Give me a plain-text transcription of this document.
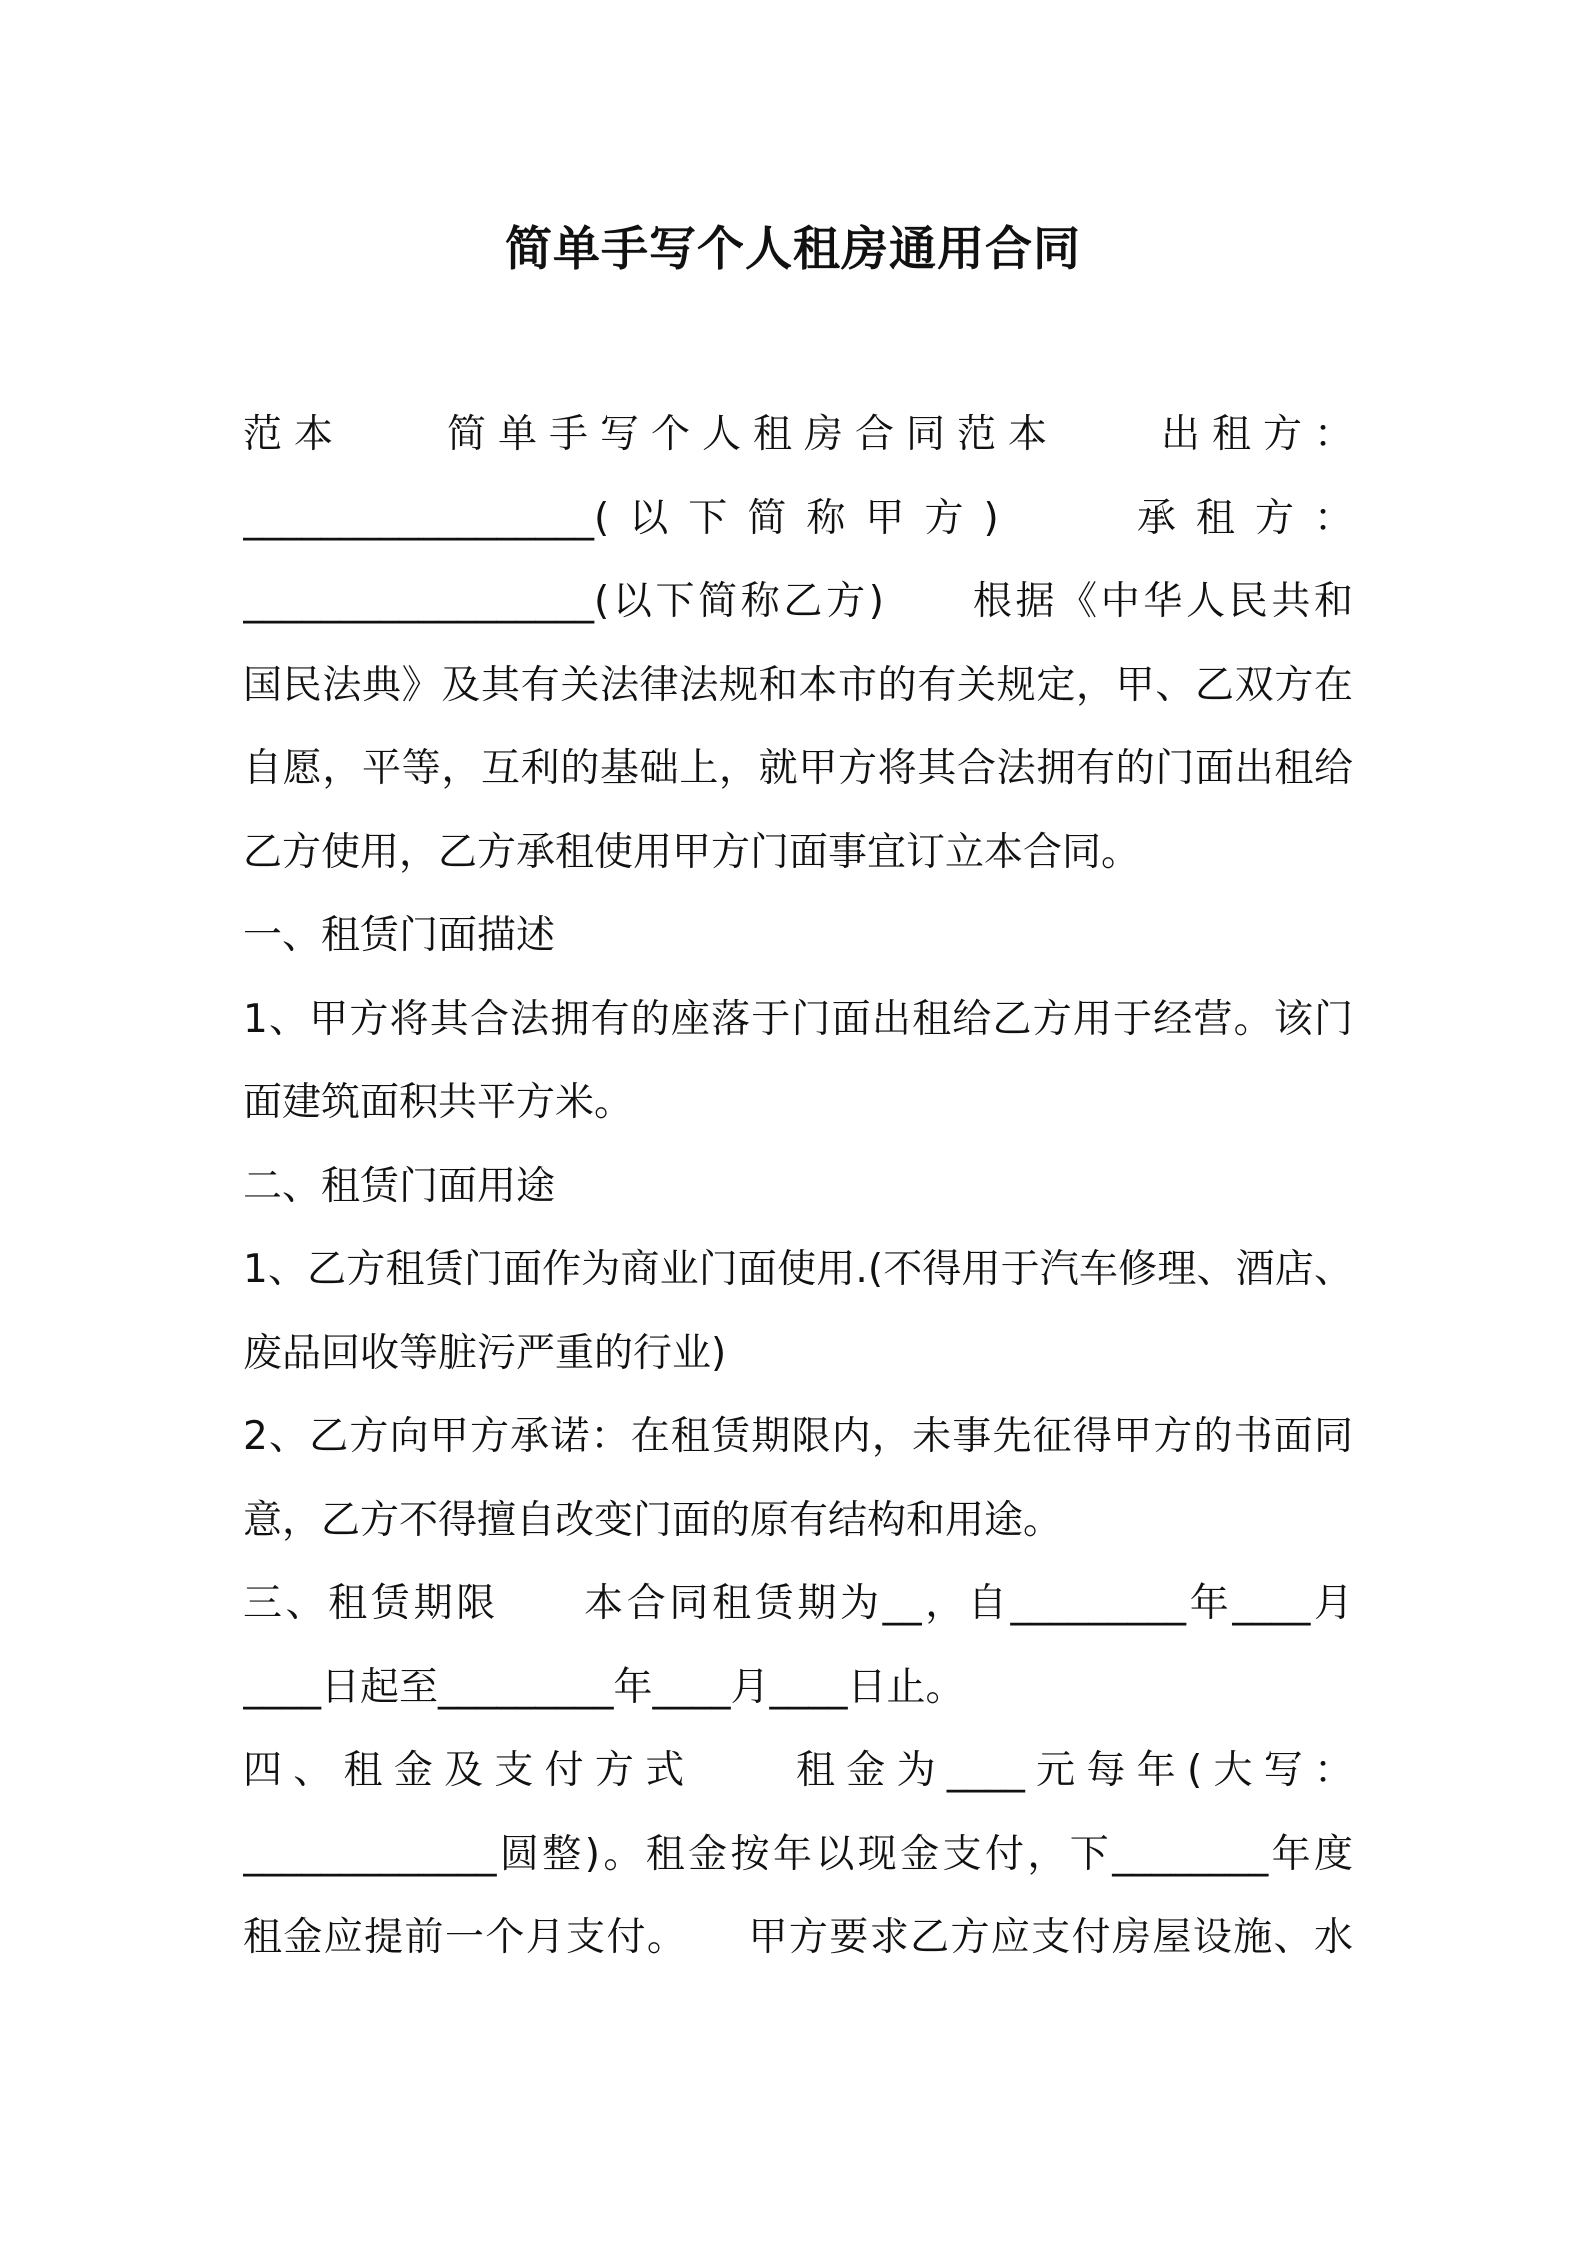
简单手写个人租房通用合同
范本　　简单手写个人租房合同范本　　出租方：
__________________(以下简称甲方)　　承租方：
__________________(以下简称乙方)　　根据《中华人民共和
国民法典》及其有关法律法规和本市的有关规定，甲、乙双方在
自愿，平等，互利的基础上，就甲方将其合法拥有的门面出租给
乙方使用，乙方承租使用甲方门面事宜订立本合同。
一、租赁门面描述
1、甲方将其合法拥有的座落于门面出租给乙方用于经营。该门
面建筑面积共平方米。
二、租赁门面用途
1、乙方租赁门面作为商业门面使用.(不得用于汽车修理、酒店、
废品回收等脏污严重的行业)
2、乙方向甲方承诺：在租赁期限内，未事先征得甲方的书面同
意，乙方不得擅自改变门面的原有结构和用途。
三、租赁期限　　本合同租赁期为__，自_________年____月
____日起至_________年____月____日止。
四、租金及支付方式　　租金为____元每年(大写：
_____________圆整)。租金按年以现金支付，下________年度
租金应提前一个月支付。　　甲方要求乙方应支付房屋设施、水
